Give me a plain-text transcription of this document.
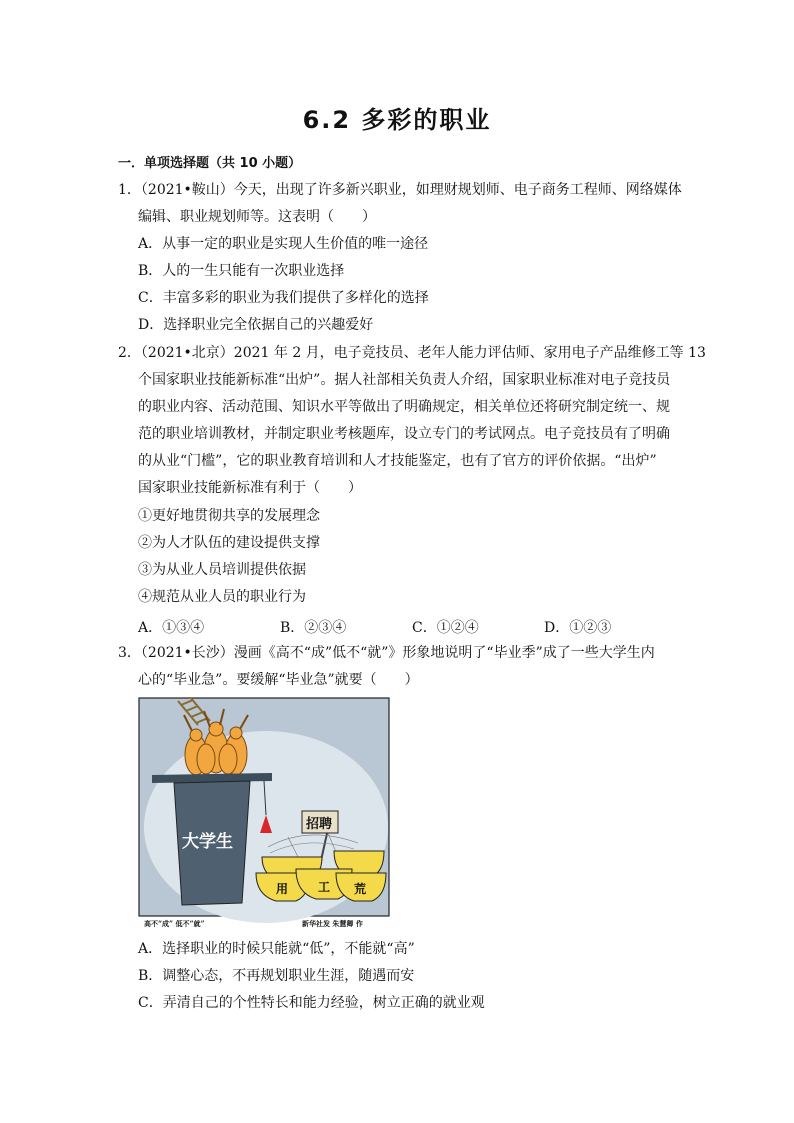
6.2 多彩的职业
一．单项选择题（共 10 小题）
1．（2021•鞍山）今天，出现了许多新兴职业，如理财规划师、电子商务工程师、网络媒体
编辑、职业规划师等。这表明（　　）
A．从事一定的职业是实现人生价值的唯一途径
B．人的一生只能有一次职业选择
C．丰富多彩的职业为我们提供了多样化的选择
D．选择职业完全依据自己的兴趣爱好
2．（2021•北京）2021 年 2 月，电子竞技员、老年人能力评估师、家用电子产品维修工等 13
个国家职业技能新标准“出炉”。据人社部相关负责人介绍，国家职业标准对电子竞技员
的职业内容、活动范围、知识水平等做出了明确规定，相关单位还将研究制定统一、规
范的职业培训教材，并制定职业考核题库，设立专门的考试网点。电子竞技员有了明确
的从业“门槛”，它的职业教育培训和人才技能鉴定，也有了官方的评价依据。“出炉”
国家职业技能新标准有利于（　　）
①更好地贯彻共享的发展理念
②为人才队伍的建设提供支撑
③为从业人员培训提供依据
④规范从业人员的职业行为
A．①③④	B．②③④	C．①②④	D．①②③
3．（2021•长沙）漫画《高不“成”低不“就”》形象地说明了“毕业季”成了一些大学生内
心的“毕业急”。要缓解“毕业急”就要（　　）
大学生
招聘
用 工 荒
高不“成” 低不“就”	新华社发 朱慧卿 作
A．选择职业的时候只能就“低”，不能就“高”
B．调整心态，不再规划职业生涯，随遇而安
C．弄清自己的个性特长和能力经验，树立正确的就业观
